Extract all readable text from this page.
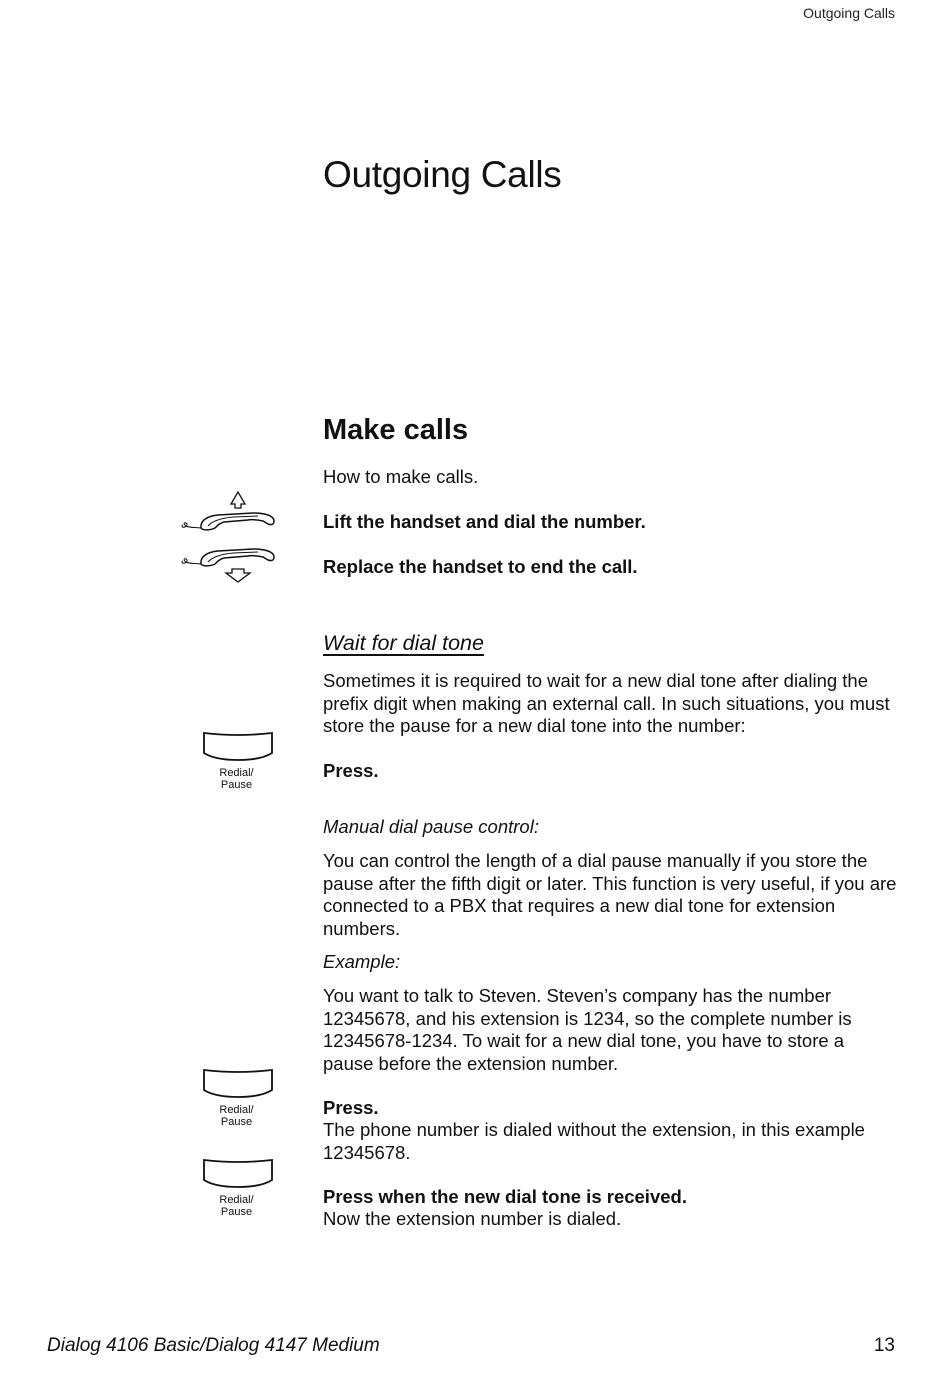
Outgoing Calls
Outgoing Calls
Make calls

How to make calls.

Lift the handset and dial the number.

Replace the handset to end the call.

Wait for dial tone

Sometimes it is required to wait for a new dial tone after dialing the prefix digit when making an external call. In such situations, you must store the pause for a new dial tone into the number:

Redial/
Pause

Press.

Manual dial pause control:

You can control the length of a dial pause manually if you store the pause after the fifth digit or later. This function is very useful, if you are connected to a PBX that requires a new dial tone for extension numbers.

Example:

You want to talk to Steven. Steven’s company has the number 12345678, and his extension is 1234, so the complete number is 12345678-1234. To wait for a new dial tone, you have to store a pause before the extension number.

Redial/
Pause

Press.

The phone number is dialed without the extension, in this example 12345678.

Redial/
Pause

Press when the new dial tone is received.

Now the extension number is dialed.

Dialog 4106 Basic/Dialog 4147 Medium	13
